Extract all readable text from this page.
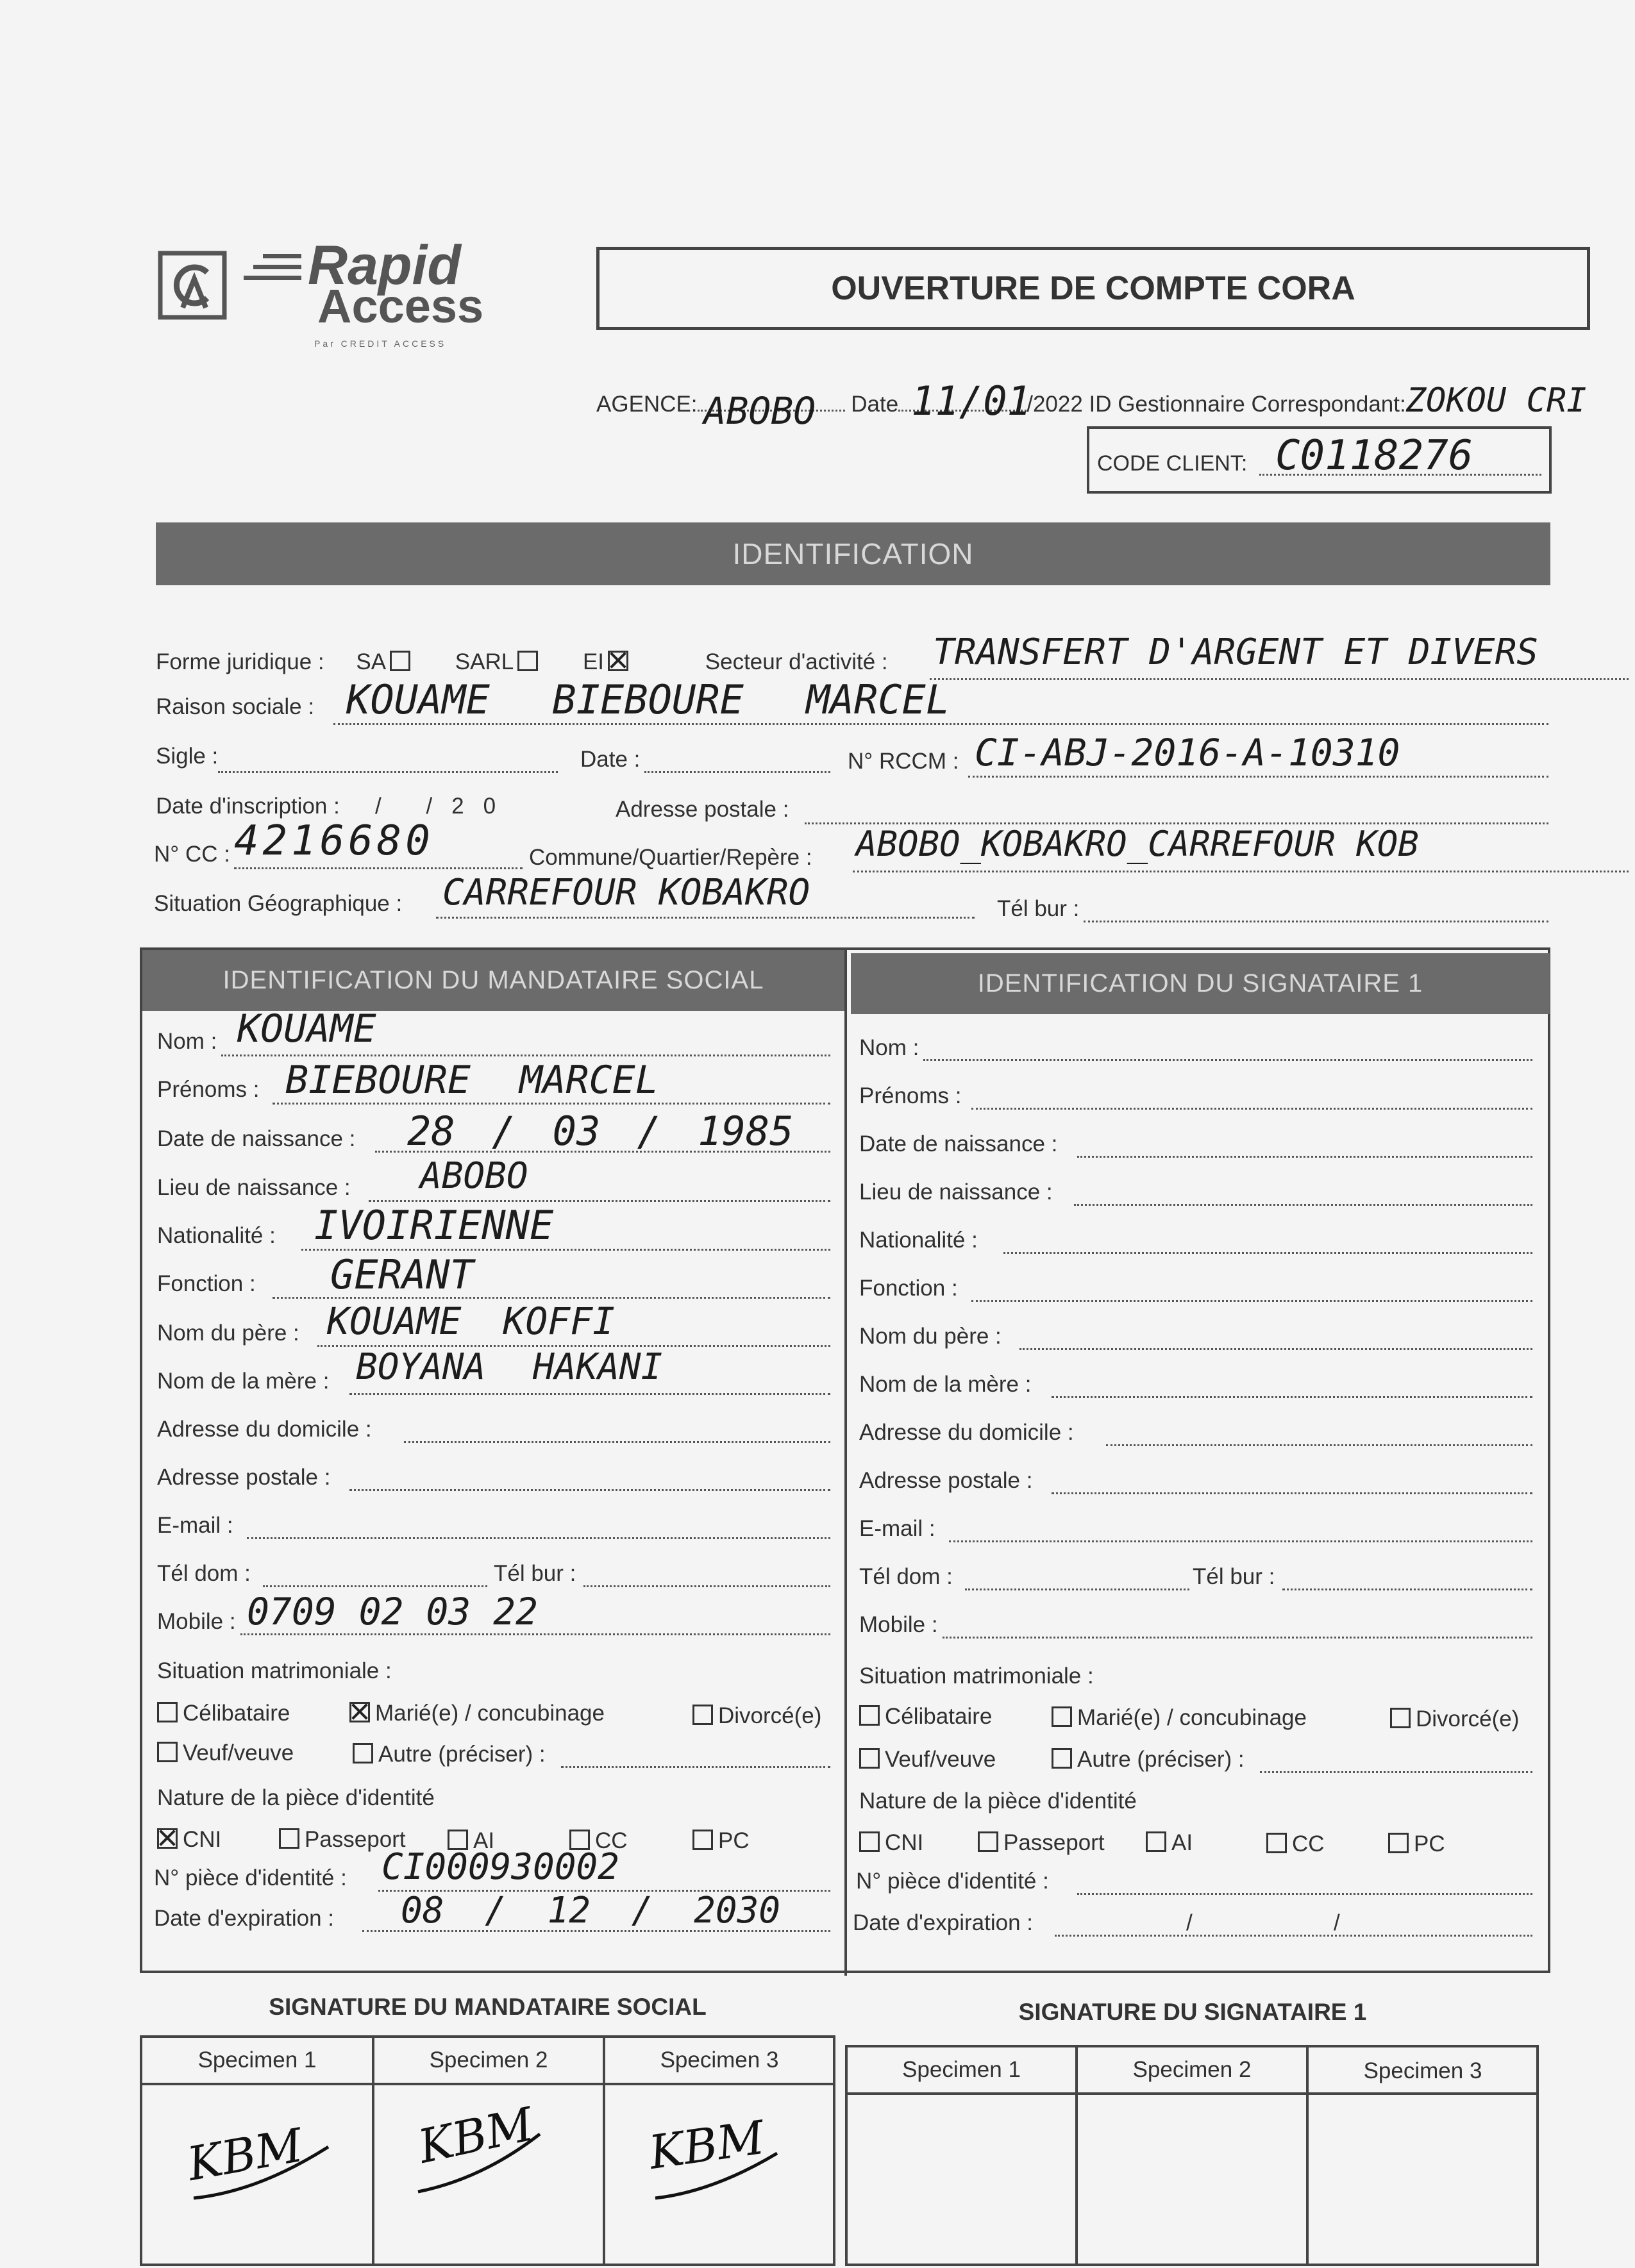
Rapid
Access
Par CREDIT ACCESS
OUVERTURE DE COMPTE CORA
AGENCE: ABOBO Date 11/01
/2022 ID Gestionnaire Correspondant:ZOKOU CRI
CODE CLIENT: C0118276
IDENTIFICATION
Forme juridique : SA	SARL	EI	Secteur d'activité : TRANSFERT D'ARGENT ET DIVERS
Raison sociale : KOUAME BIEBOURE MARCEL
Sigle :	Date :	N° RCCM : CI-ABJ-2016-A-10310
Date d'inscription : / /20	Adresse postale :
N° CC : 4216680	Commune/Quartier/Repère : ABOBO_KOBAKRO_CARREFOUR KOB
Situation Géographique : CARREFOUR KOBAKRO	Tél bur :
IDENTIFICATION DU MANDATAIRE SOCIAL	IDENTIFICATION DU SIGNATAIRE 1
Nom : KOUAME
Prénoms : BIEBOURE MARCEL
Date de naissance : 28 / 03 / 1985
Lieu de naissance : ABOBO
Nationalité : IVOIRIENNE
Fonction : GERANT
Nom du père : KOUAME KOFFI
Nom de la mère : BOYANA HAKANI
Adresse du domicile :
Adresse postale :
E-mail :
Tél dom :	Tél bur :
Mobile : 0709 02 03 22
Situation matrimoniale :
Célibataire	Marié(e) / concubinage	Divorcé(e)
Veuf/veuve	Autre (préciser) :
Nature de la pièce d'identité
CNI	Passeport	AI	CC	PC
N° pièce d'identité : CI000930002
Date d'expiration : 08 / 12 / 2030
Nom :
Prénoms :
Date de naissance :
Lieu de naissance :
Nationalité :
Fonction :
Nom du père :
Nom de la mère :
Adresse du domicile :
Adresse postale :
E-mail :
Tél dom :	Tél bur :
Mobile :
Situation matrimoniale :
Célibataire	Marié(e) / concubinage	Divorcé(e)
Veuf/veuve	Autre (préciser) :
Nature de la pièce d'identité
CNI	Passeport	AI	CC	PC
N° pièce d'identité :
Date d'expiration :	/	/
SIGNATURE DU MANDATAIRE SOCIAL	SIGNATURE DU SIGNATAIRE 1
Specimen 1	Specimen 2	Specimen 3
KBM KBM KBM
Specimen 1	Specimen 2	Specimen 3
